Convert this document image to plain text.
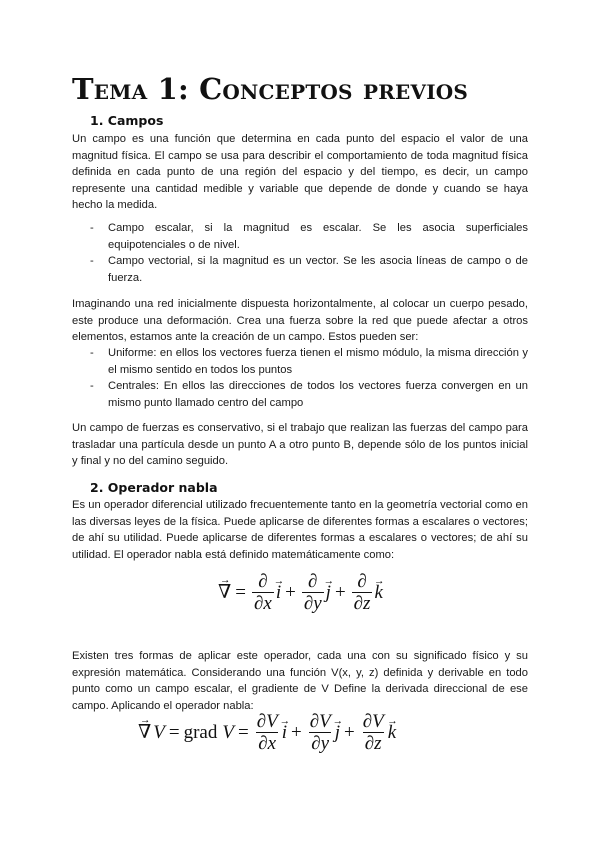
Tema 1: Conceptos previos
1. Campos

Un campo es una función que determina en cada punto del espacio el valor de una magnitud física. El campo se usa para describir el comportamiento de toda magnitud física definida en cada punto de una región del espacio y del tiempo, es decir, un campo represente una cantidad medible y variable que depende de donde y cuando se haya hecho la medida.

- Campo escalar, si la magnitud es escalar. Se les asocia superficiales equipotenciales o de nivel.
- Campo vectorial, si la magnitud es un vector. Se les asocia líneas de campo o de fuerza.

Imaginando una red inicialmente dispuesta horizontalmente, al colocar un cuerpo pesado, este produce una deformación. Crea una fuerza sobre la red que puede afectar a otros elementos, estamos ante la creación de un campo. Estos pueden ser:

- Uniforme: en ellos los vectores fuerza tienen el mismo módulo, la misma dirección y el mismo sentido en todos los puntos
- Centrales: En ellos las direcciones de todos los vectores fuerza convergen en un mismo punto llamado centro del campo

Un campo de fuerzas es conservativo, si el trabajo que realizan las fuerzas del campo para trasladar una partícula desde un punto A a otro punto B, depende sólo de los puntos inicial y final y no del camino seguido.

2. Operador nabla

Es un operador diferencial utilizado frecuentemente tanto en la geometría vectorial como en las diversas leyes de la física. Puede aplicarse de diferentes formas a escalares o vectores; de ahí su utilidad. Puede aplicarse de diferentes formas a escalares o vectores; de ahí su utilidad. El operador nabla está definido matemáticamente como:

→ ∇ = $\frac{\partial}{\partial x} \to i + \frac{\partial}{\partial y} \to j + \frac{\partial}{\partial z} \to k$

Existen tres formas de aplicar este operador, cada una con su significado físico y su expresión matemática. Considerando una función V(x, y, z) definida y derivable en todo punto como un campo escalar, el gradiente de V Define la derivada direccional de ese campo. Aplicando el operador nabla:

→ ∇ V = grad $V = \frac{\partial V}{\partial x} \to i + \frac{\partial V}{\partial y} \to j + \frac{\partial V}{\partial z} \to k$
